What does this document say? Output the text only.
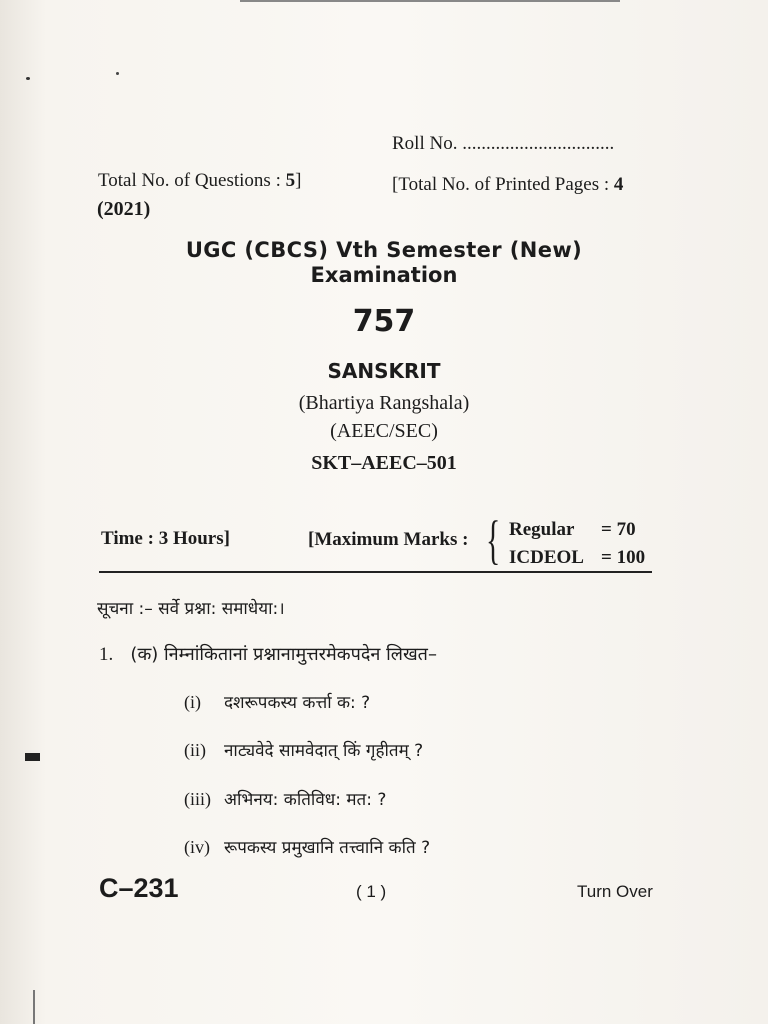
Roll No. ................................
Total No. of Questions : 5]	[Total No. of Printed Pages : 4
(2021)
UGC (CBCS) Vth Semester (New)
Examination
757
SANSKRIT
(Bhartiya Rangshala)
(AEEC/SEC)
SKT–AEEC–501
Time : 3 Hours]	[Maximum Marks : { Regular = 70
ICDEOL = 100
सूचना :– सर्वे प्रश्ना: समाधेया:।
1. (क) निम्नांकितानां प्रश्नानामुत्तरमेकपदेन लिखत–
(i) दशरूपकस्य कर्त्ता क: ?
(ii) नाट्यवेदे सामवेदात् किं गृहीतम् ?
(iii) अभिनय: कतिविध: मत: ?
(iv) रूपकस्य प्रमुखानि तत्त्वानि कति ?
C–231	( 1 )	Turn Over
